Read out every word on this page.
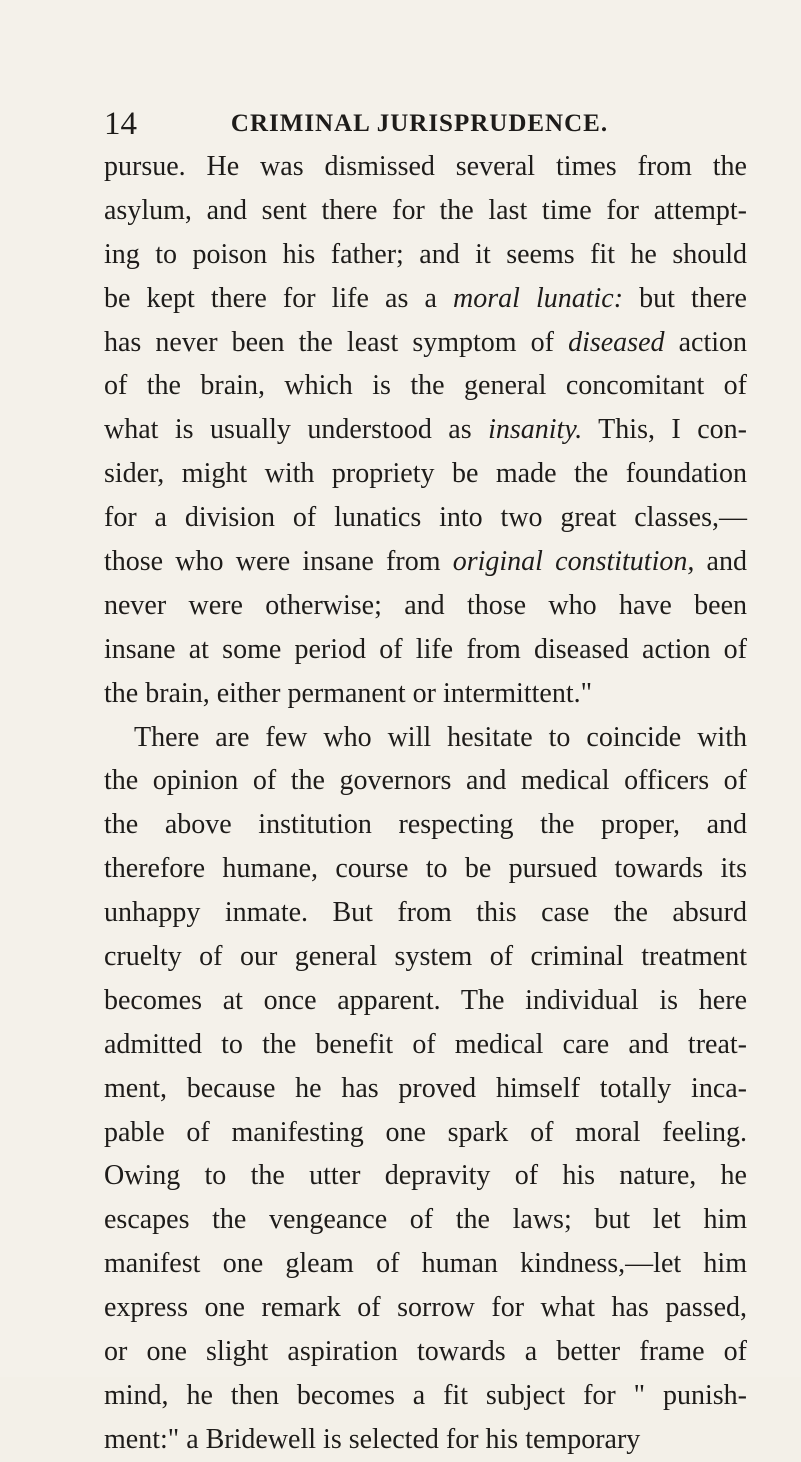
14	CRIMINAL JURISPRUDENCE.
pursue. He was dismissed several times from the
asylum, and sent there for the last time for attempt-
ing to poison his father; and it seems fit he should
be kept there for life as a moral lunatic: but there
has never been the least symptom of diseased action
of the brain, which is the general concomitant of
what is usually understood as insanity. This, I con-
sider, might with propriety be made the foundation
for a division of lunatics into two great classes,—
those who were insane from original constitution, and
never were otherwise; and those who have been
insane at some period of life from diseased action of
the brain, either permanent or intermittent."
There are few who will hesitate to coincide with
the opinion of the governors and medical officers of
the above institution respecting the proper, and
therefore humane, course to be pursued towards its
unhappy inmate. But from this case the absurd
cruelty of our general system of criminal treatment
becomes at once apparent. The individual is here
admitted to the benefit of medical care and treat-
ment, because he has proved himself totally inca-
pable of manifesting one spark of moral feeling.
Owing to the utter depravity of his nature, he
escapes the vengeance of the laws; but let him
manifest one gleam of human kindness,—let him
express one remark of sorrow for what has passed,
or one slight aspiration towards a better frame of
mind, he then becomes a fit subject for " punish-
ment:" a Bridewell is selected for his temporary
